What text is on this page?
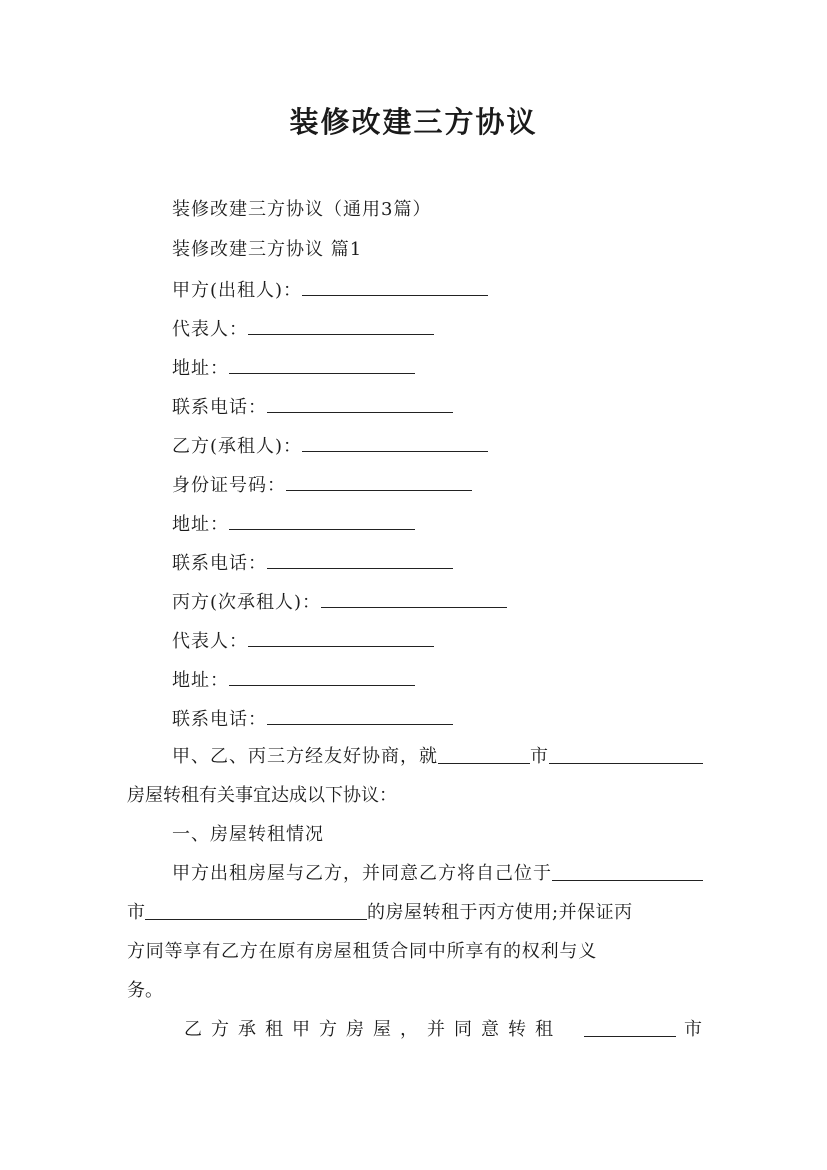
装修改建三方协议
装修改建三方协议（通用3篇）
装修改建三方协议 篇1
甲方(出租人)：
代表人：
地址：
联系电话：
乙方(承租人)：
身份证号码：
地址：
联系电话：
丙方(次承租人)：
代表人：
地址：
联系电话：
甲、乙、丙三方经友好协商，就	市
房屋转租有关事宜达成以下协议：
一、房屋转租情况
甲方出租房屋与乙方，并同意乙方将自己位于
市	的房屋转租于丙方使用;并保证丙
方同等享有乙方在原有房屋租赁合同中所享有的权利与义
务。
乙方承租甲方房屋，并同意转租	市
